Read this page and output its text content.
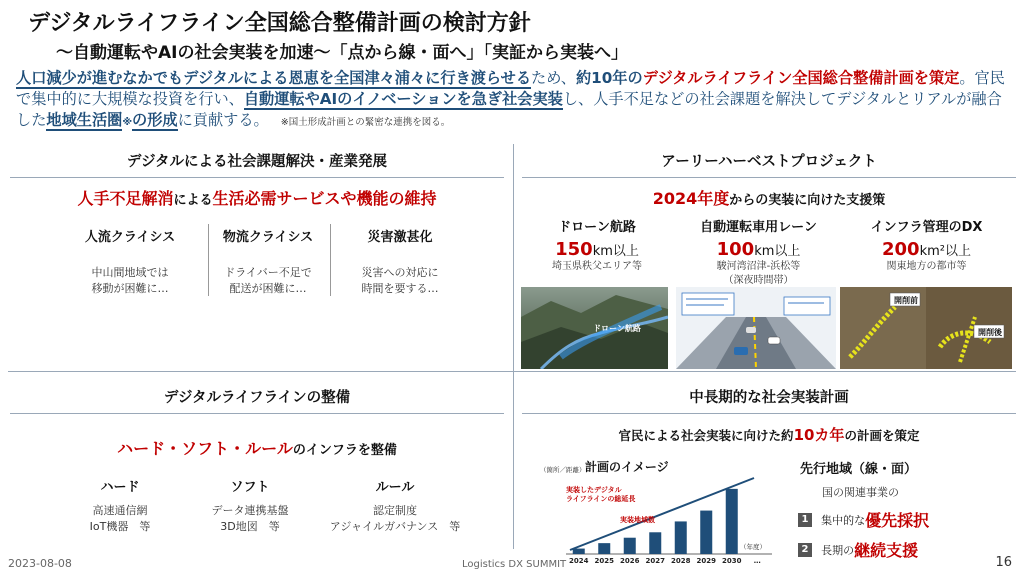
デジタルライフライン全国総合整備計画の検討方針
～自動運転やAIの社会実装を加速～「点から線・面へ」「実証から実装へ」
人口減少が進むなかでもデジタルによる恩恵を全国津々浦々に行き渡らせるため、約10年のデジタルライフライン全国総合整備計画を策定。官民で集中的に大規模な投資を行い、自動運転やAIのイノベーションを急ぎ社会実装し、人手不足などの社会課題を解決してデジタルとリアルが融合した地域生活圏※の形成に貢献する。 ※国土形成計画との緊密な連携を図る。
デジタルによる社会課題解決・産業発展
人手不足解消による生活必需サービスや機能の維持
人流クライシス
中山間地域では
移動が困難に…
物流クライシス
ドライバー不足で
配送が困難に…
災害激甚化
災害への対応に
時間を要する…
アーリーハーベストプロジェクト
2024年度からの実装に向けた支援策
ドローン航路
150km以上
埼玉県秩父エリア等
自動運転車用レーン
100km以上
駿河湾沼津-浜松等
（深夜時間帯）
インフラ管理のDX
200km²以上
関東地方の都市等
ドローン航路
開削前
開削後
デジタルライフラインの整備
ハード・ソフト・ルールのインフラを整備
ハード
高速通信網
IoT機器　等
ソフト
データ連携基盤
3D地図　等
ルール
認定制度
アジャイルガバナンス　等
中長期的な社会実装計画
官民による社会実装に向けた約10カ年の計画を策定
計画のイメージ
（箇所／距離）
（年度）
2024 2025 2026 2027 2028 2029 2030 …
実装したデジタル ライフラインの総延長
実装地域数
先行地域（線・面）
国の関連事業の
1 集中的な優先採択
2 長期の継続支援
2023-08-08	Logistics DX SUMMIT	16
